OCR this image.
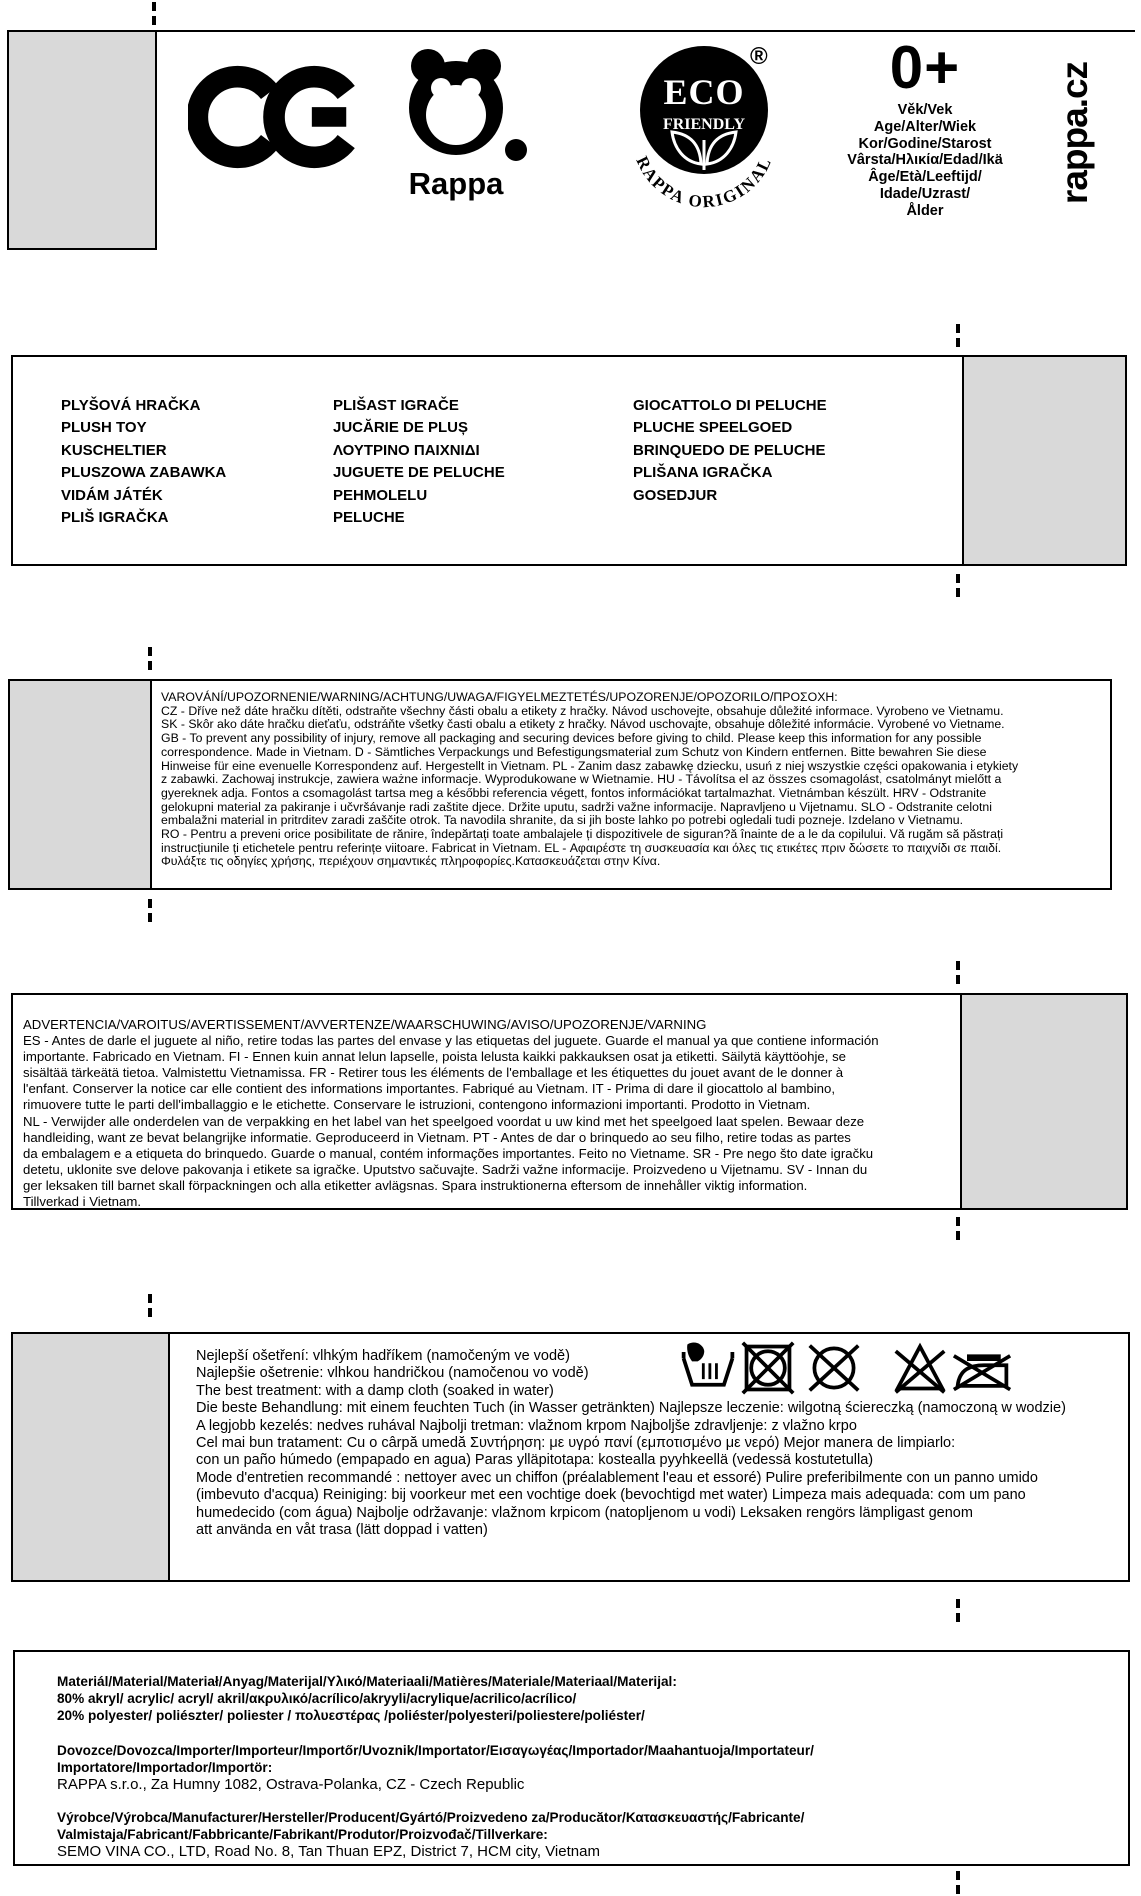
Rappa
ECO
FRIENDLY
RAPPA ORIGINAL
®	0+
Věk/Vek
Age/Alter/Wiek
Kor/Godine/Starost
Vârsta/Ηλικία/Edad/Ikä
Âge/Età/Leeftijd/
Idade/Uzrast/
Ålder
rappa.cz
PLYŠOVÁ HRAČKA
PLUSH TOY
KUSCHELTIER
PLUSZOWA ZABAWKA
VIDÁM JÁTÉK
PLIŠ IGRAČKA
PLIŠAST IGRAČE
JUCĂRIE DE PLUȘ
ΛΟΥΤΡΙΝΟ ΠΑΙΧΝΙΔΙ
JUGUETE DE PELUCHE
PEHMOLELU
PELUCHE
GIOCATTOLO DI PELUCHE
PLUCHE SPEELGOED
BRINQUEDO DE PELUCHE
PLIŠANA IGRAČKA
GOSEDJUR
VAROVÁNÍ/UPOZORNENIE/WARNING/ACHTUNG/UWAGA/FIGYELMEZTETÉS/UPOZORENJE/OPOZORILO/ΠΡΟΣΟΧΗ:
CZ - Dříve než dáte hračku dítěti, odstraňte všechny části obalu a etikety z hračky. Návod uschovejte, obsahuje důležité informace. Vyrobeno ve Vietnamu.
SK - Skôr ako dáte hračku dieťaťu, odstráňte všetky časti obalu a etikety z hračky. Návod uschovajte, obsahuje dôležité informácie. Vyrobené vo Vietname.
GB - To prevent any possibility of injury, remove all packaging and securing devices before giving to child. Please keep this information for any possible
correspondence. Made in Vietnam. D - Sämtliches Verpackungs und Befestigungsmaterial zum Schutz von Kindern entfernen. Bitte bewahren Sie diese
Hinweise für eine evenuelle Korrespondenz auf. Hergestellt in Vietnam. PL - Zanim dasz zabawkę dziecku, usuń z niej wszystkie części opakowania i etykiety
z zabawki. Zachowaj instrukcje, zawiera ważne informacje. Wyprodukowane w Wietnamie. HU - Távolítsa el az összes csomagolást, csatolmányt mielőtt a
gyereknek adja. Fontos a csomagolást tartsa meg a későbbi referencia végett, fontos információkat tartalmazhat. Vietnámban készült. HRV - Odstranite
gelokupni material za pakiranje i učvršávanje radi zaštite djece. Držite uputu, sadrži važne informacije. Napravljeno u Vijetnamu. SLO - Odstranite celotni
embalažni material in pritrditev zaradi zaščite otrok. Ta navodila shranite, da si jih boste lahko po potrebi ogledali tudi pozneje. Izdelano v Vietnamu.
RO - Pentru a preveni orice posibilitate de rănire, îndepărtați toate ambalajele ți dispozitivele de siguran?ă înainte de a le da copilului. Vă rugăm să păstrați
instrucțiunile ți etichetele pentru referințe viitoare. Fabricat in Vietnam. EL - Αφαιρέστε τη συσκευασία και όλες τις ετικέτες πριν δώσετε το παιχνίδι σε παιδί.
Φυλάξτε τις οδηγίες χρήσης, περιέχουν σημαντικές πληροφορίες.Κατασκευάζεται στην Κίνα.
ADVERTENCIA/VAROITUS/AVERTISSEMENT/AVVERTENZE/WAARSCHUWING/AVISO/UPOZORENJE/VARNING
ES - Antes de darle el juguete al niño, retire todas las partes del envase y las etiquetas del juguete. Guarde el manual ya que contiene información
importante. Fabricado en Vietnam. FI - Ennen kuin annat lelun lapselle, poista lelusta kaikki pakkauksen osat ja etiketti. Säilytä käyttöohje, se
sisältää tärkeätä tietoa. Valmistettu Vietnamissa. FR - Retirer tous les éléments de l'emballage et les étiquettes du jouet avant de le donner à
l'enfant. Conserver la notice car elle contient des informations importantes. Fabriqué au Vietnam. IT - Prima di dare il giocattolo al bambino,
rimuovere tutte le parti dell'imballaggio e le etichette. Conservare le istruzioni, contengono informazioni importanti. Prodotto in Vietnam.
NL - Verwijder alle onderdelen van de verpakking en het label van het speelgoed voordat u uw kind met het speelgoed laat spelen. Bewaar deze
handleiding, want ze bevat belangrijke informatie. Geproduceerd in Vietnam. PT - Antes de dar o brinquedo ao seu filho, retire todas as partes
da embalagem e a etiqueta do brinquedo. Guarde o manual, contém informações importantes. Feito no Vietname. SR - Pre nego što date igračku
detetu, uklonite sve delove pakovanja i etikete sa igračke. Uputstvo sačuvajte. Sadrži važne informacije. Proizvedeno u Vijetnamu. SV - Innan du
ger leksaken till barnet skall förpackningen och alla etiketter avlägsnas. Spara instruktionerna eftersom de innehåller viktig information.
Tillverkad i Vietnam.
Nejlepší ošetření: vlhkým hadříkem (namočeným ve vodě)
Najlepšie ošetrenie: vlhkou handričkou (namočenou vo vodě)
The best treatment: with a damp cloth (soaked in water)
Die beste Behandlung: mit einem feuchten Tuch (in Wasser getränkten) Najlepsze leczenie: wilgotną ściereczką (namoczoną w wodzie)
A legjobb kezelés: nedves ruhával Najbolji tretman: vlažnom krpom Najboljše zdravljenje: z vlažno krpo
Cel mai bun tratament: Cu o cârpă umedă Συντήρηση: με υγρό πανί (εμποτισμένο με νερό) Mejor manera de limpiarlo:
con un paño húmedo (empapado en agua) Paras ylläpitotapa: kostealla pyyhkeellä (vedessä kostutetulla)
Mode d'entretien recommandé : nettoyer avec un chiffon (préalablement l'eau et essoré) Pulire preferibilmente con un panno umido
(imbevuto d'acqua) Reiniging: bij voorkeur met een vochtige doek (bevochtigd met water) Limpeza mais adequada: com um pano
humedecido (com água) Najbolje održavanje: vlažnom krpicom (natopljenom u vodi) Leksaken rengörs lämpligast genom
att använda en våt trasa (lätt doppad i vatten)
Materiál/Material/Materiał/Anyag/Materijal/Υλικό/Materiaali/Matières/Materiale/Materiaal/Materijal:
80% akryl/ acrylic/ acryl/ akril/ακρυλικό/acrílico/akryyli/acrylique/acrilico/acrílico/
20% polyester/ poliészter/ poliester / πολυεστέρας /poliéster/polyesteri/poliestere/poliéster/
Dovozce/Dovozca/Importer/Importeur/Importőr/Uvoznik/Importator/Εισαγωγέας/Importador/Maahantuoja/Importateur/
Importatore/Importador/Importör:
RAPPA s.r.o., Za Humny 1082, Ostrava-Polanka, CZ - Czech Republic
Výrobce/Výrobca/Manufacturer/Hersteller/Producent/Gyártó/Proizvedeno za/Producător/Κατασκευαστής/Fabricante/
Valmistaja/Fabricant/Fabbricante/Fabrikant/Produtor/Proizvođač/Tillverkare:
SEMO VINA CO., LTD, Road No. 8, Tan Thuan EPZ, District 7, HCM city, Vietnam
